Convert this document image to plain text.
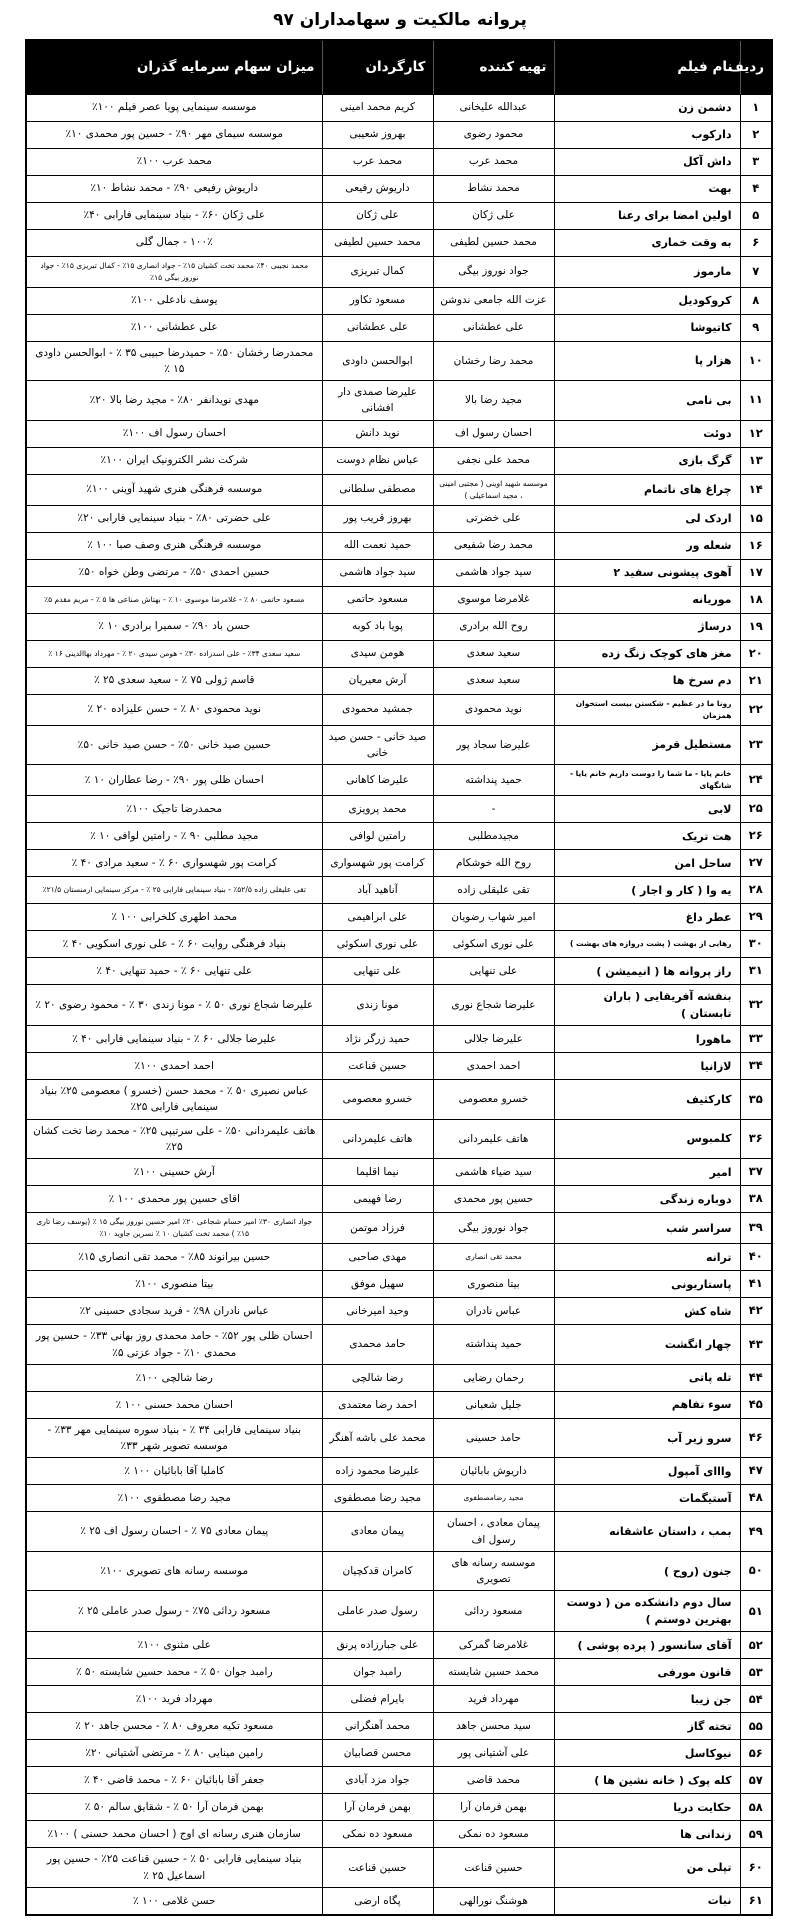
پروانه مالکیت و سهامداران ۹۷
ردیف	نام فیلم	تهیه کننده	کارگردان	میزان سهام سرمایه گذران
۱	دشمن زن	عبدالله علیخانی	کریم محمد امینی	موسسه سینمایی پویا عصر فیلم ۱۰۰٪
۲	دارکوب	محمود رضوی	بهروز شعیبی	موسسه سیمای مهر ۹۰٪ - حسین پور محمدی ۱۰٪
۳	داش آکل	محمد عرب	محمد عرب	محمد عرب ۱۰۰٪
۴	بهت	محمد نشاط	داریوش رفیعی	داریوش رفیعی ۹۰٪ - محمد نشاط ۱۰٪
۵	اولین امضا برای رعنا	علی ژکان	علی ژکان	علی ژکان ۶۰٪ - بنیاد سینمایی فارابی ۴۰٪
۶	به وقت خماری	محمد حسین لطیفی	محمد حسین لطیفی	۱۰۰٪ - جمال گلی
۷	مارموز	جواد نوروز بیگی	کمال تبریزی	محمد نجیبی ۴۰٪ محمد تخت کشیان ۱۵٪ - جواد انصاری ۱۵٪ - کمال تبریزی ۱۵٪ - جواد نوروز بیگی ۱۵٪
۸	کروکودیل	عزت الله جامعی ندوشن	مسعود تکاور	یوسف نادعلی ۱۰۰٪
۹	کاتیوشا	علی عطشانی	علی عطشانی	علی عطشانی ۱۰۰٪
۱۰	هزار پا	محمد رضا رخشان	ابوالحسن داودی	محمدرضا رخشان ۵۰٪ - حمیدرضا حبیبی ۳۵ ٪ - ابوالحسن داودی ۱۵ ٪
۱۱	بی نامی	مجید رضا بالا	علیرضا صمدی دار افشانی	مهدی نویدانفر ۸۰٪ - مجید رضا بالا ۲۰٪
۱۲	دوئت	احسان رسول اف	نوید دانش	احسان رسول اف ۱۰۰٪
۱۳	گرگ بازی	محمد علی نجفی	عباس نظام دوست	شرکت نشر الکترونیک ایران ۱۰۰٪
۱۴	چراغ های ناتمام	موسسه شهید اوینی ( مجتبی امینی ، مجید اسماعیلی )	مصطفی سلطانی	موسسه فرهنگی هنری شهید آوینی ۱۰۰٪
۱۵	اردک لی	علی خضرتی	بهروز قریب پور	علی حضرتی ۸۰٪ - بنیاد سینمایی فارابی ۲۰٪
۱۶	شعله ور	محمد رضا شفیعی	حمید نعمت الله	موسسه فرهنگی هنری وصف صبا ۱۰۰ ٪
۱۷	آهوی پیشونی سفید ۲	سید جواد هاشمی	سید جواد هاشمی	حسین احمدی ۵۰٪ - مرتضی وطن خواه ۵۰٪
۱۸	موریانه	غلامرضا موسوی	مسعود حاتمی	مسعود حاتمی ۸۰ ٪ - غلامرضا موسوی ۱۰ ٪ - بهتاش صناعی ها ۵ ٪ - مریم مقدم ۵٪
۱۹	درساژ	روح الله برادری	پویا باد کوبه	حسن باد ۹۰٪ - سمیرا برادری ۱۰ ٪
۲۰	مغز های کوچک زنگ زده	سعید سعدی	هومن سیدی	سعید سعدی ۳۴٪ - علی اسدزاده ۳۰٪ - هومن سیدی ۲۰ ٪ - مهرداد بهاالدینی ۱۶ ٪
۲۱	دم سرخ ها	سعید سعدی	آرش معیریان	قاسم ژولی ۷۵ ٪ - سعید سعدی ۲۵ ٪
۲۲	رونا ما در عظیم - شکستن بیست استخوان همزمان	نوید محمودی	جمشید محمودی	نوید محمودی ۸۰ ٪ - حسن علیزاده ۲۰ ٪
۲۳	مستطیل قرمز	علیرضا سجاد پور	صید خانی - حسن صید خانی	حسین صید خانی ۵۰٪ - حسن صید خانی ۵۰٪
۲۴	خانم یایا - ما شما را دوست داریم خانم یایا - شانگهای	حمید پنداشته	علیرضا کاهانی	احسان ظلی پور ۹۰٪ - رضا عطاران ۱۰ ٪
۲۵	لابی	-	محمد پرویزی	محمدرضا تاجیک ۱۰۰٪
۲۶	هت تریک	مجیدمطلبی	رامتین لوافی	مجید مطلبی ۹۰ ٪ - رامتین لوافی ۱۰ ٪
۲۷	ساحل امن	روح الله خوشکام	کرامت پور شهسواری	کرامت پور شهسواری ۶۰ ٪ - سعید مرادی ۴۰ ٪
۲۸	یه وا ( کار و اجار )	تقی علیقلی زاده	آناهید آباد	تقی علیقلی زاده ۵۲/۵٪ - بنیاد سینمایی فارابی ۲۵ ٪ - مرکز سینمایی ارمنستان ۲۱/۵٪
۲۹	عطر داغ	امیر شهاب رضویان	علی ابراهیمی	محمد اطهری کلخرابی ۱۰۰ ٪
۳۰	رهایی از بهشت ( پشت دروازه های بهشت )	علی نوری اسکوئی	علی نوری اسکوئی	بنیاد فرهنگی روایت ۶۰ ٪ - علی نوری اسکویی ۴۰ ٪
۳۱	راز پروانه ها ( انیمیشن )	علی تنهایی	علی تنهایی	علی تنهایی ۶۰ ٪ - حمید تنهایی ۴۰ ٪
۳۲	بنفشه آفریقایی ( باران تابستان )	علیرضا شجاع نوری	مونا زندی	علیرضا شجاع نوری ۵۰ ٪ - مونا زندی ۳۰ ٪ - محمود رضوی ۲۰ ٪
۳۳	ماهورا	علیرضا جلالی	حمید زرگر نژاد	علیرضا جلالی ۶۰ ٪ - بنیاد سینمایی فارابی ۴۰ ٪
۳۴	لازانیا	احمد احمدی	حسین قناعت	احمد احمدی ۱۰۰٪
۳۵	کارکثیف	خسرو معصومی	خسرو معصومی	عباس نصیری ۵۰ ٪ - محمد حسن (خسرو ) معصومی ۲۵٪ بنیاد سینمایی فارابی ۲۵٪
۳۶	کلمبوس	هاتف علیمردانی	هاتف علیمردانی	هاتف علیمردانی ۵۰٪ - علی سرتیپی ۲۵٪ - محمد رضا تخت کشان ۲۵٪
۳۷	امیر	سید ضیاء هاشمی	نیما اقلیما	آرش حسینی ۱۰۰٪
۳۸	دوباره زندگی	حسین پور محمدی	رضا فهیمی	اقای حسین پور محمدی ۱۰۰ ٪
۳۹	سراسر شب	جواد نوروز بیگی	فرزاد موتمن	جواد انصاری ۳۰٪ امیر حسام شجاعی ۲۰٪ امیر حسین نوروز بیگی ۱۵ ٪ (یوسف رضا تاری ۱۵٪ ) محمد تخت کشیان ۱۰ ٪ نسرین جاوید ۱۰٪
۴۰	ترانه	محمد تقی انصاری	مهدی صاحبی	حسین بیرانوند ۸۵٪ - محمد تقی انصاری ۱۵٪
۴۱	پاستاریونی	بیتا منصوری	سهیل موفق	بیتا منصوری ۱۰۰٪
۴۲	شاه کش	عباس نادران	وحید امیرخانی	عباس نادران ۹۸٪ - فرید سجادی حسینی ۲٪
۴۳	چهار انگشت	حمید پنداشته	حامد محمدی	احسان ظلی پور ۵۲٪ - حامد محمدی روز بهانی ۳۳٪ - حسین پور محمدی ۱۰٪ - جواد عزتی ۵٪
۴۴	تله پاتی	رحمان رضایی	رضا شالچی	رضا شالچی ۱۰۰٪
۴۵	سوء تفاهم	جلیل شعبانی	احمد رضا معتمدی	احسان محمد حسنی ۱۰۰ ٪
۴۶	سرو زیر آب	حامد حسینی	محمد علی باشه آهنگر	بنیاد سینمایی فارابی ۳۴ ٪ - بنیاد سوره سینمایی مهر ۳۳٪ - موسسه تصویر شهر ۳۳٪
۴۷	وااای آمپول	داریوش بابائیان	علیرضا محمود زاده	کاملیا آقا بابائیان ۱۰۰ ٪
۴۸	آستیگمات	مجید رضامصطفوی	مجید رضا مصطفوی	مجید رضا مصطفوی ۱۰۰٪
۴۹	بمب ، داستان عاشقانه	پیمان معادی ، احسان رسول اف	پیمان معادی	پیمان معادی ۷۵ ٪ - احسان رسول اف ۲۵ ٪
۵۰	جنون (روح )	موسسه رسانه های تصویری	کامران قدکچیان	موسسه رسانه های تصویری ۱۰۰٪
۵۱	سال دوم دانشکده من ( دوست بهترین دوستم )	مسعود ردائی	رسول صدر عاملی	مسعود ردائی ۷۵٪ - رسول صدر عاملی ۲۵ ٪
۵۲	آقای سانسور ( پرده پوشی )	غلامرضا گمرکی	علی جبارزاده پرنق	علی مثنوی ۱۰۰٪
۵۳	قانون مورفی	محمد حسین شایسته	رامبد جوان	رامبد جوان ۵۰ ٪ - محمد حسین شایسته ۵۰ ٪
۵۴	جن زیبا	مهرداد فرید	بایرام فضلی	مهرداد فرید ۱۰۰٪
۵۵	تخته گاز	سید محسن جاهد	محمد آهنگرانی	مسعود تکیه معروف ۸۰ ٪ - محسن جاهد ۲۰ ٪
۵۶	نیوکاسل	علی آشتیانی پور	محسن قصابیان	رامین مینایی ۸۰ ٪ - مرتضی آشتیانی ۲۰٪
۵۷	کله پوک ( خانه نشین ها )	محمد قاضی	جواد مزد آبادی	جعفر آقا بابائیان ۶۰ ٪ - محمد قاضی ۴۰ ٪
۵۸	حکایت دریا	بهمن فرمان آرا	بهمن فرمان آرا	بهمن فرمان آرا ۵۰ ٪ - شقایق سالم ۵۰ ٪
۵۹	زندانی ها	مسعود ده نمکی	مسعود ده نمکی	سازمان هنری رسانه ای اوج ( احسان محمد حسنی ) ۱۰۰٪
۶۰	تپلی من	حسین قناعت	حسین قناعت	بنیاد سینمایی فارابی ۵۰ ٪ - حسین قناعت ۲۵٪ - حسین پور اسماعیل ۲۵ ٪
۶۱	نبات	هوشنگ نورالهی	پگاه ارضی	حسن غلامی ۱۰۰ ٪
